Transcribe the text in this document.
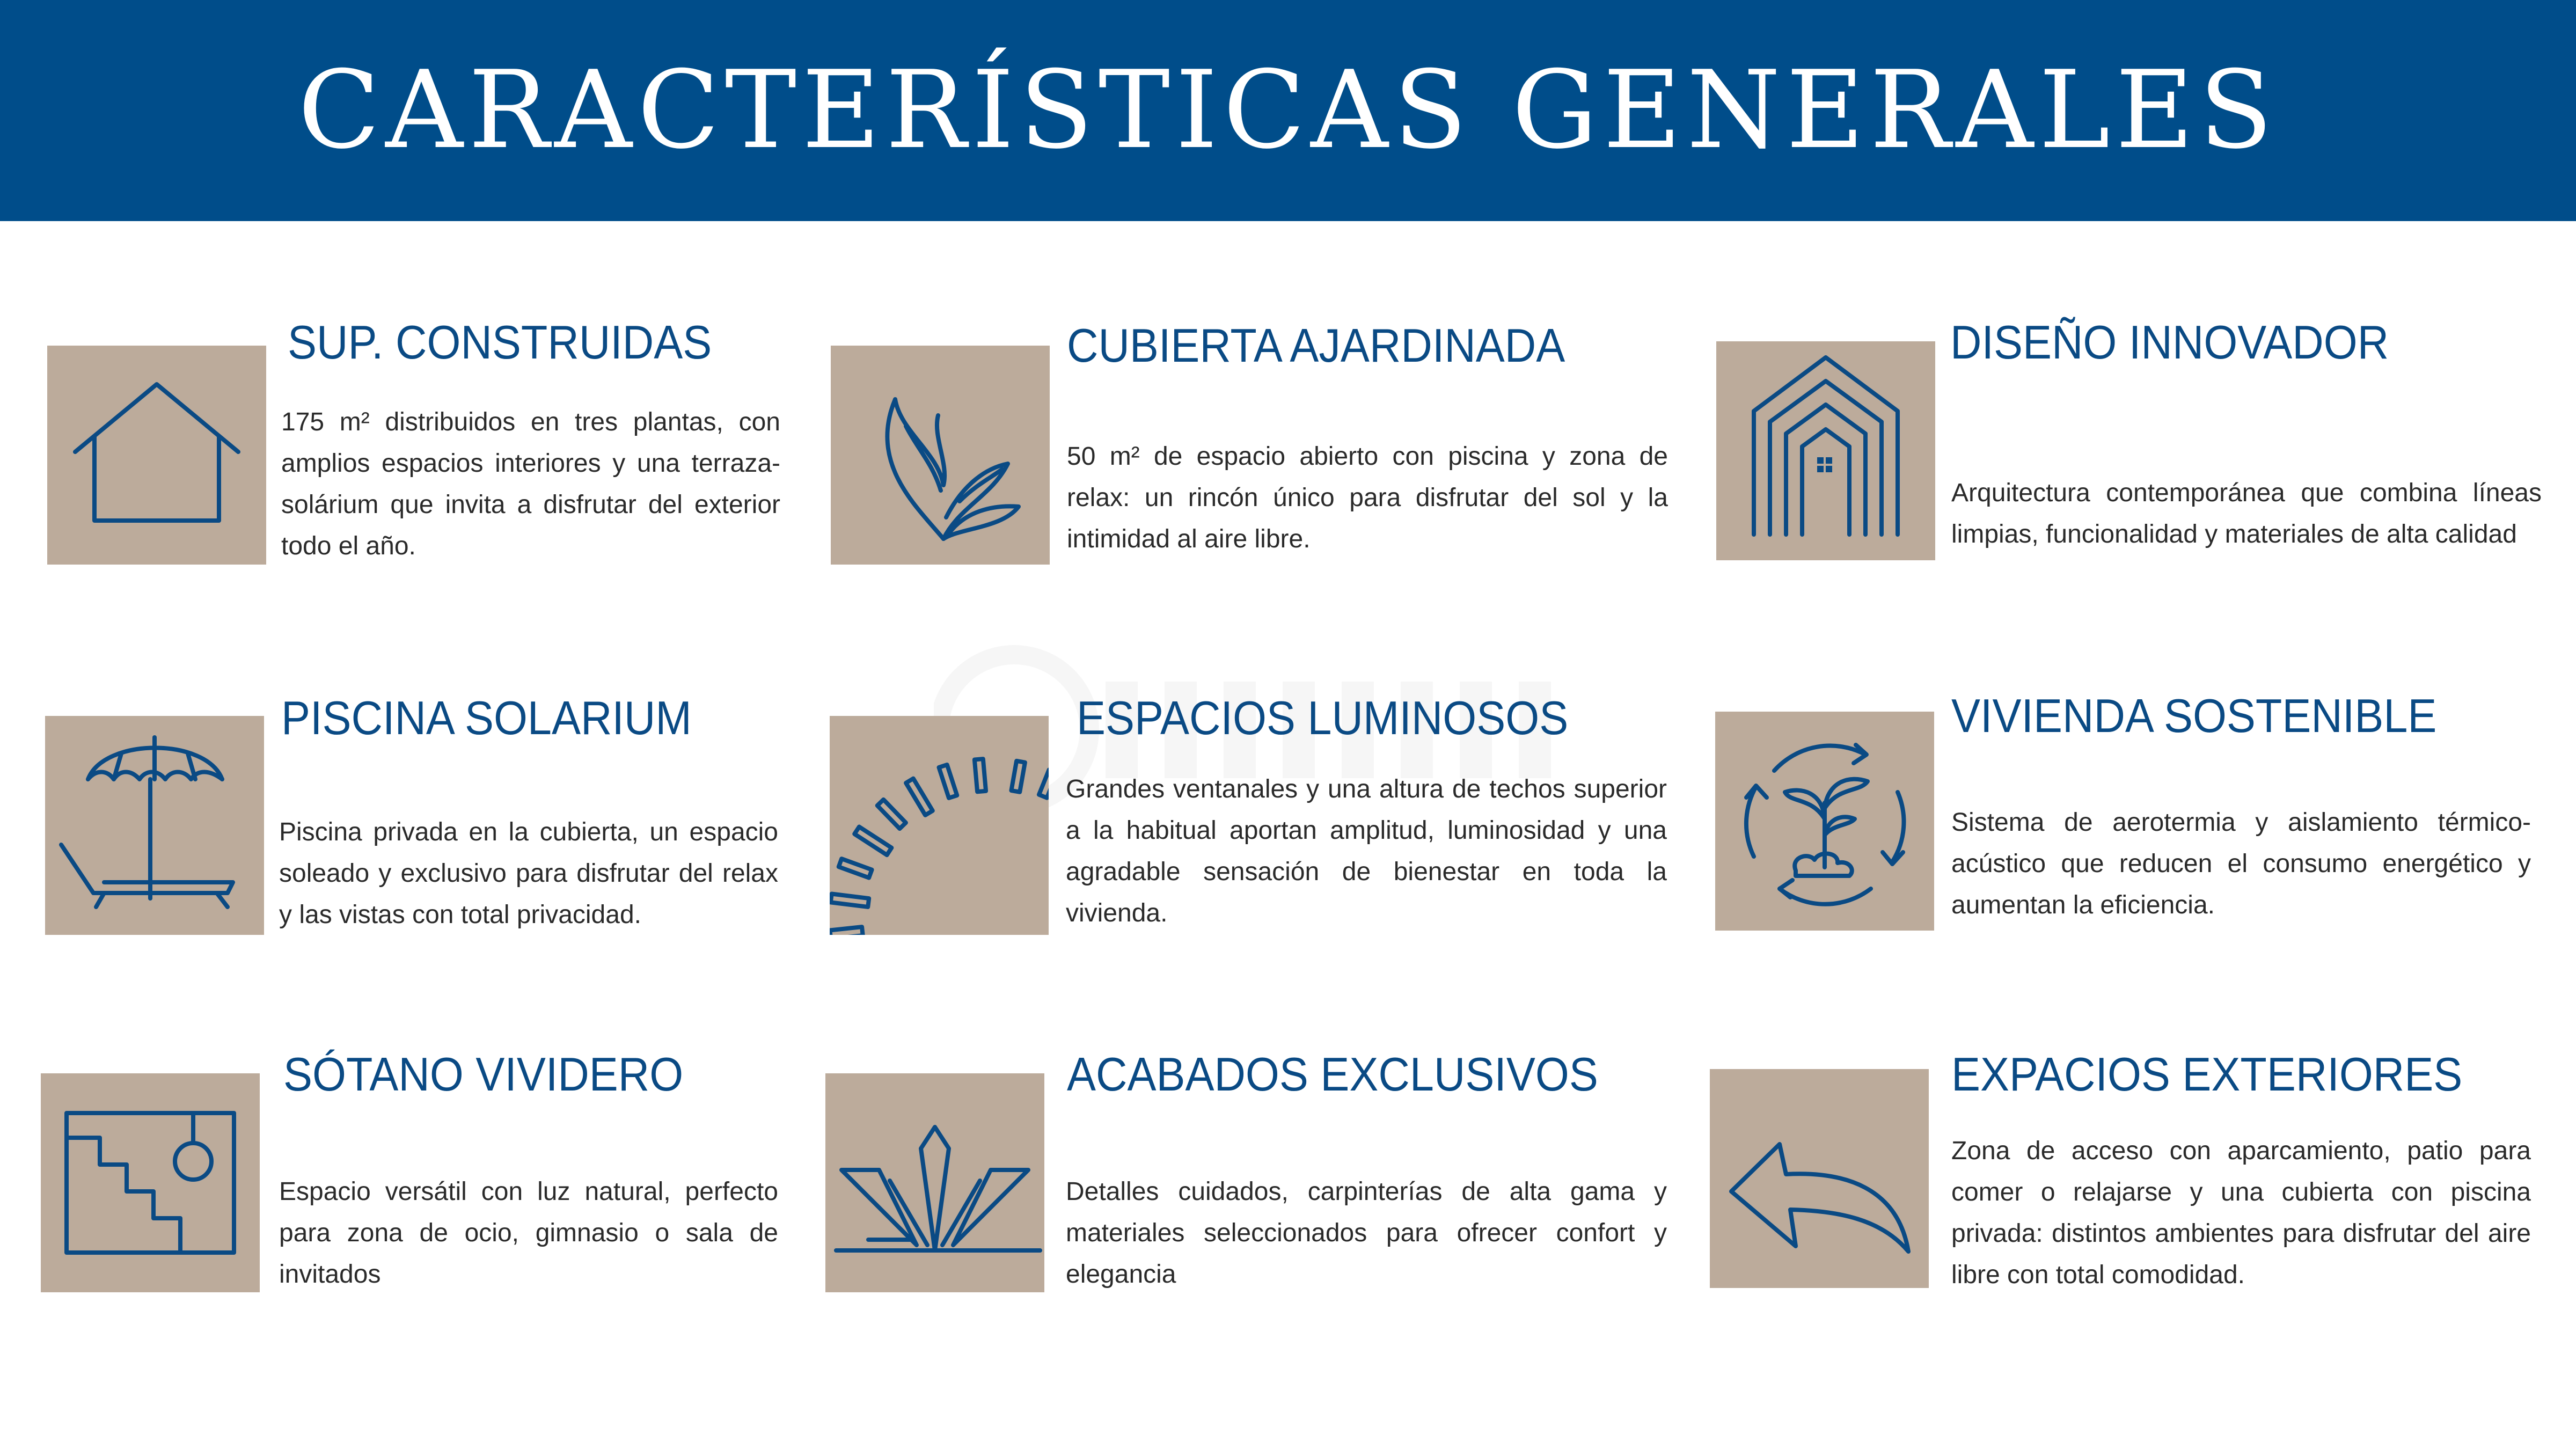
CARACTERÍSTICAS GENERALES
SUP. CONSTRUIDAS

175 m² distribuidos en tres plantas, con amplios espacios interiores y una terraza-solárium que invita a disfrutar del exterior todo el año.

CUBIERTA AJARDINADA

50 m² de espacio abierto con piscina y zona de relax: un rincón único para disfrutar del sol y la intimidad al aire libre.

DISEÑO INNOVADOR

Arquitectura contemporánea que combina líneas limpias, funcionalidad y materiales de alta calidad

PISCINA SOLARIUM

Piscina privada en la cubierta, un espacio soleado y exclusivo para disfrutar del relax y las vistas con total privacidad.

ESPACIOS LUMINOSOS

Grandes ventanales y una altura de techos superior a la habitual aportan amplitud, luminosidad y una agradable sensación de bienestar en toda la vivienda.

VIVIENDA SOSTENIBLE

Sistema de aerotermia y aislamiento térmico-acústico que reducen el consumo energético y aumentan la eficiencia.

SÓTANO VIVIDERO

Espacio versátil con luz natural, perfecto para zona de ocio, gimnasio o sala de invitados

ACABADOS EXCLUSIVOS

Detalles cuidados, carpinterías de alta gama y materiales seleccionados para ofrecer confort y elegancia

EXPACIOS EXTERIORES

Zona de acceso con aparcamiento, patio para comer o relajarse y una cubierta con piscina privada: distintos ambientes para disfrutar del aire libre con total comodidad.
